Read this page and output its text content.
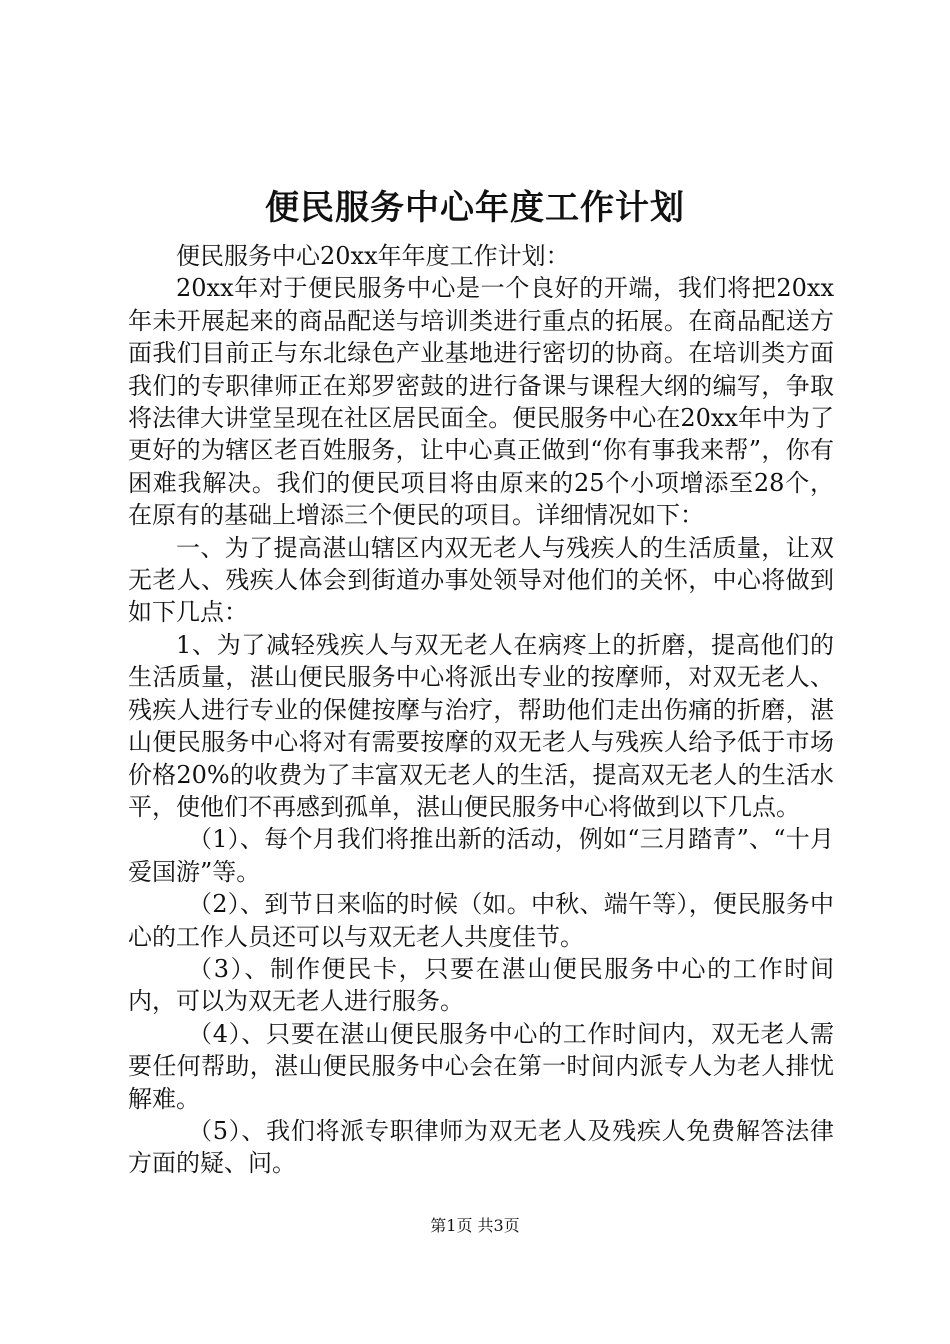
便民服务中心年度工作计划

便民服务中心20xx年年度工作计划：

20xx年对于便民服务中心是一个良好的开端，我们将把20xx年未开展起来的商品配送与培训类进行重点的拓展。在商品配送方面我们目前正与东北绿色产业基地进行密切的协商。在培训类方面我们的专职律师正在郑罗密鼓的进行备课与课程大纲的编写，争取将法律大讲堂呈现在社区居民面全。便民服务中心在20xx年中为了更好的为辖区老百姓服务，让中心真正做到“你有事我来帮”，你有困难我解决。我们的便民项目将由原来的25个小项增添至28个，在原有的基础上增添三个便民的项目。详细情况如下：

一、为了提高湛山辖区内双无老人与残疾人的生活质量，让双无老人、残疾人体会到街道办事处领导对他们的关怀，中心将做到如下几点：

1、为了减轻残疾人与双无老人在病疼上的折磨，提高他们的生活质量，湛山便民服务中心将派出专业的按摩师，对双无老人、残疾人进行专业的保健按摩与治疗，帮助他们走出伤痛的折磨，湛山便民服务中心将对有需要按摩的双无老人与残疾人给予低于市场价格20%的收费为了丰富双无老人的生活，提高双无老人的生活水平，使他们不再感到孤单，湛山便民服务中心将做到以下几点。

（1）、每个月我们将推出新的活动，例如“三月踏青”、“十月爱国游”等。

（2）、到节日来临的时候（如。中秋、端午等），便民服务中心的工作人员还可以与双无老人共度佳节。

（3）、制作便民卡，只要在湛山便民服务中心的工作时间内，可以为双无老人进行服务。

（4）、只要在湛山便民服务中心的工作时间内，双无老人需要任何帮助，湛山便民服务中心会在第一时间内派专人为老人排忧解难。

（5）、我们将派专职律师为双无老人及残疾人免费解答法律方面的疑、问。

第1页 共3页
